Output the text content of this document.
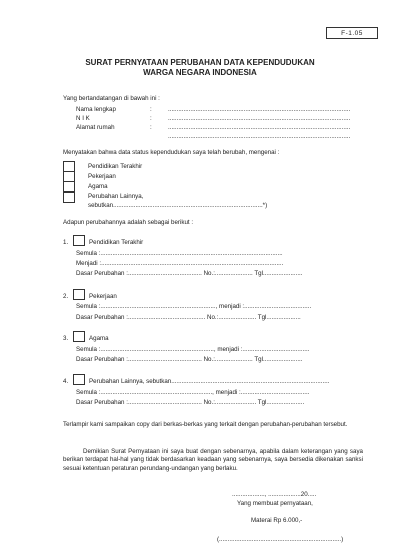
F-1.05
SURAT PERNYATAAN PERUBAHAN DATA KEPENDUDUKAN
WARGA NEGARA INDONESIA
Yang bertandatangan di bawah ini :
Nama lengkap	:	..........................................................................................................
N I K	:	..........................................................................................................
Alamat rumah	:	..........................................................................................................
..........................................................................................................
Menyatakan bahwa data status kependudukan saya telah berubah, mengenai :
Pendidikan Terakhir
Pekerjaan
Agama
Perubahan Lainnya,
sebutkan.......................................................................................*)
Adapun perubahannya adalah sebagai berikut :
1.	Pendidikan Terakhir
Semula :..........................................................................................................
Menjadi :..........................................................................................................
Dasar Perubahan :........................................... No.:...................... Tgl.......................
2.	Pekerjaan
Semula :..................................................................., menjadi :.......................................
Dasar Perubahan :............................................. No.:...................... Tgl....................
3.	Agama
Semula :.................................................................., menjadi :.......................................
Dasar Perubahan :........................................... No.:...................... Tgl.......................
4.	Perubahan Lainnya, sebutkan............................................................................................
Semula :................................................................., menjadi :........................................
Dasar Perubahan :........................................... No.:........................ Tgl......................
Terlampir kami sampaikan copy dari berkas-berkas yang terkait dengan perubahan-perubahan tersebut.
Demikian Surat Pernyataan ini saya buat dengan sebenarnya, apabila dalam keterangan yang saya berikan terdapat hal-hal yang tidak berdasarkan keadaan yang sebenarnya, saya bersedia dikenakan sanksi sesuai ketentuan peraturan perundang-undangan yang berlaku.
..................., ...................20.....
Yang membuat pernyataan,
Materai Rp 6.000,-
(.......................................................................)
